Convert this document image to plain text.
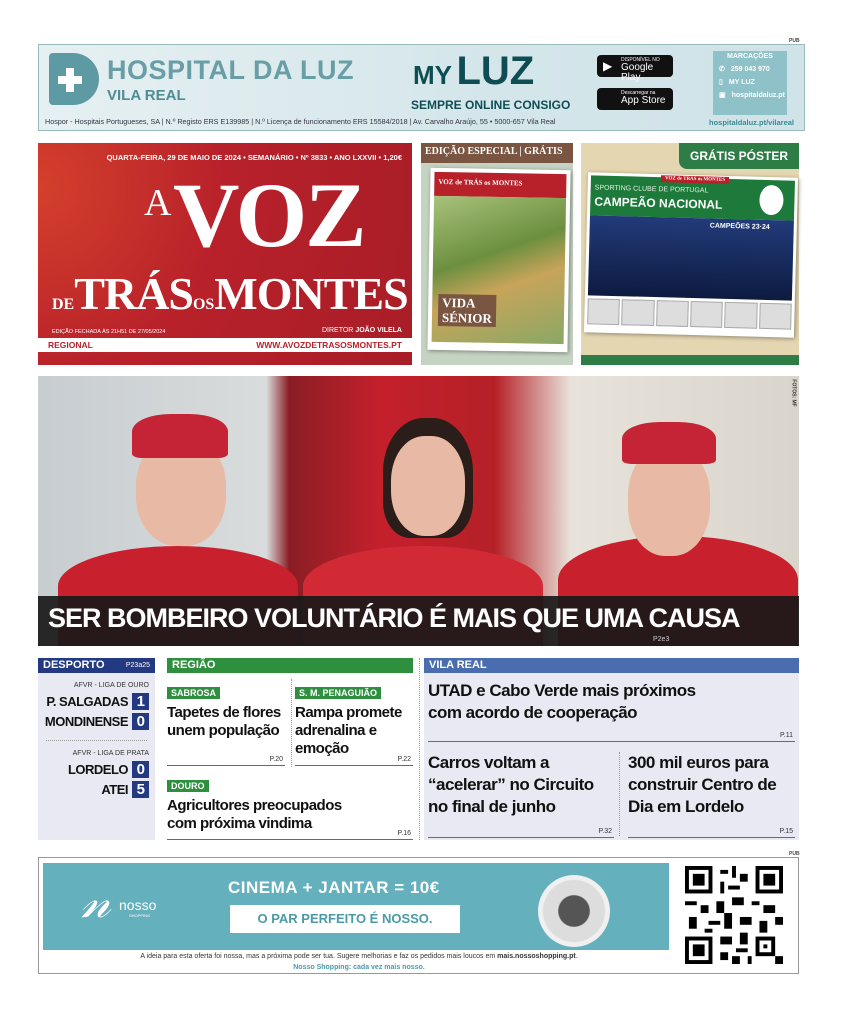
PUB
HOSPITAL DA LUZ
VILA REAL
Hospor - Hospitais Portugueses, SA | N.º Registo ERS E139985 | N.º Licença de funcionamento ERS 15584/2018 | Av. Carvalho Araújo, 55 • 5000-657 Vila Real
MY LUZ
SEMPRE ONLINE CONSIGO
▶ DISPONÍVEL NO
Google Play
Descarregar na
App Store
MARCAÇÕES
✆ 259 043 970
▯ MY LUZ
▣ hospitaldaluz.pt
hospitaldaluz.pt/vilareal
QUARTA-FEIRA, 29 DE MAIO DE 2024 • SEMANÁRIO • Nº 3833 • ANO LXXVII • 1,20€
A VOZ
DETRÁSOSMONTES
EDIÇÃO FECHADA ÀS 21H51 DE 27/05/2024	DIRETOR JOÃO VILELA
REGIONAL	WWW.AVOZDETRASOSMONTES.PT
EDIÇÃO ESPECIAL | GRÁTIS
VOZ de TRÁS os MONTES
VIDA
SÉNIOR
GRÁTIS PÓSTER
VOZ de TRÁS os MONTES
SPORTING CLUBE DE PORTUGAL
CAMPEÃO NACIONAL
CAMPEÕES 23·24
FOTOS: MF
SER BOMBEIRO VOLUNTÁRIO É MAIS QUE UMA CAUSA
P2e3
DESPORTO	P23a25
AFVR - LIGA DE OURO
P. SALGADAS 1
MONDINENSE 0
AFVR - LIGA DE PRATA
LORDELO 0
ATEI 5
REGIÃO
SABROSA
Tapetes de flores unem população
P.20
S. M. PENAGUIÃO
Rampa promete adrenalina e emoção
P.22
DOURO
Agricultores preocupados com próxima vindima
P.16
VILA REAL
UTAD e Cabo Verde mais próximos com acordo de cooperação
P.11
Carros voltam a “acelerar” no Circuito no final de junho
P.32
300 mil euros para construir Centro de Dia em Lordelo
P.15
PUB
𝓃 nosso
SHOPPING
CINEMA + JANTAR = 10€
O PAR PERFEITO É NOSSO.
A ideia para esta oferta foi nossa, mas a próxima pode ser tua. Sugere melhorias e faz os pedidos mais loucos em mais.nossoshopping.pt.
Nosso Shopping: cada vez mais nosso.
